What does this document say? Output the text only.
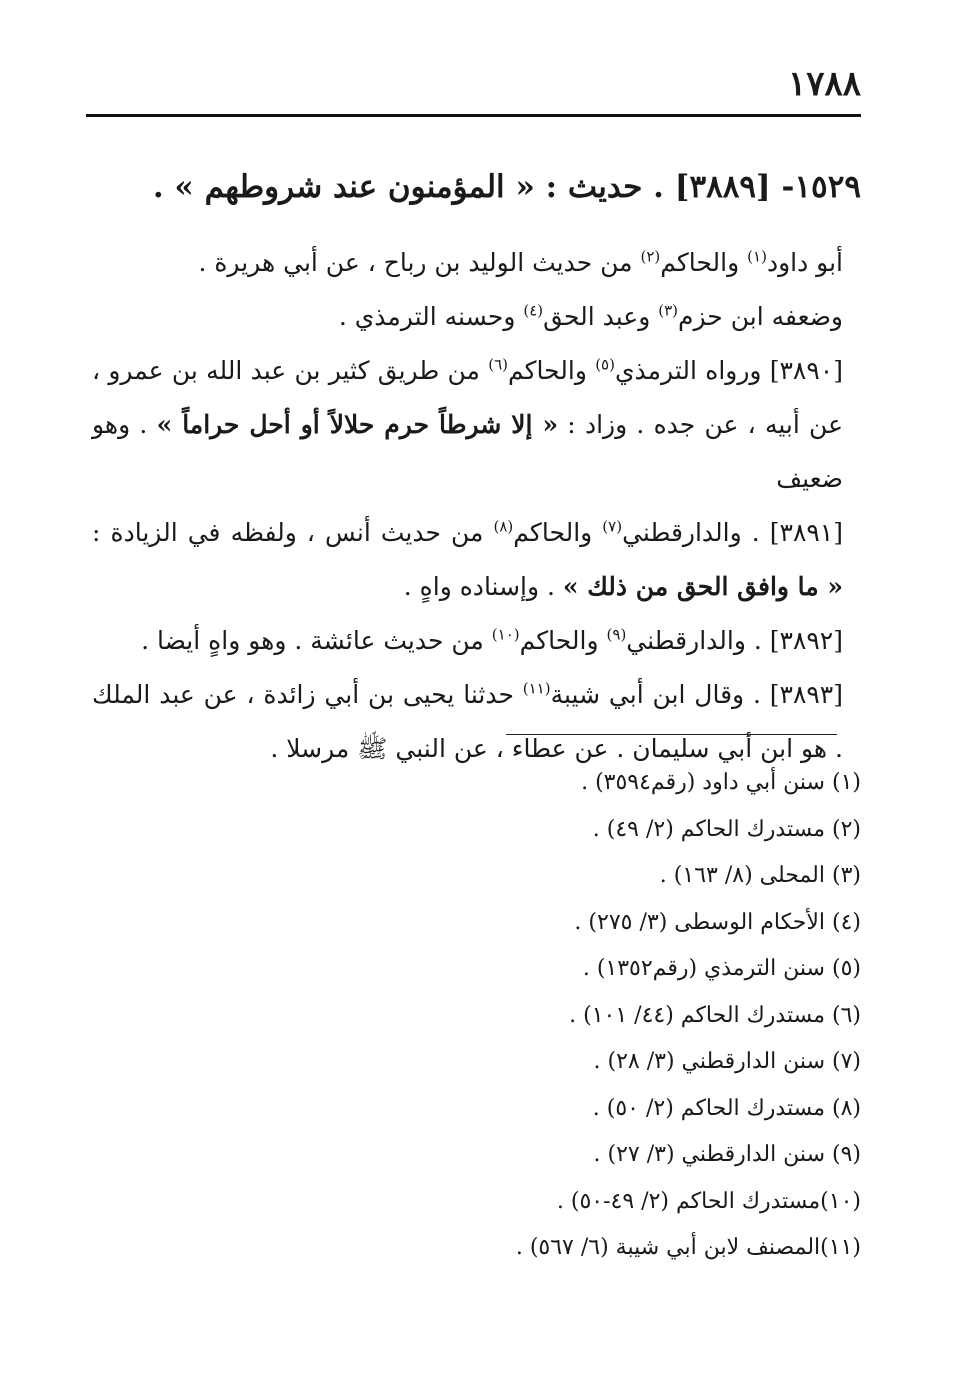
١٧٨٨
١٥٢٩- [٣٨٨٩] . حديث : « المؤمنون عند شروطهم » .

أبو داود$^{(١)}$ والحاكم$^{(٢)}$ من حديث الوليد بن رباح ، عن أبي هريرة .

وضعفه ابن حزم$^{(٣)}$ وعبد الحق$^{(٤)}$ وحسنه الترمذي .

[٣٨٩٠] ورواه الترمذي$^{(٥)}$ والحاكم$^{(٦)}$ من طريق كثير بن عبد الله بن عمرو ، عن أبيه ، عن جده . وزاد : « إلا شرطاً حرم حلالاً أو أحل حراماً » . وهو ضعيف

[٣٨٩١] . والدارقطني$^{(٧)}$ والحاكم$^{(٨)}$ من حديث أنس ، ولفظه في الزيادة : « ما وافق الحق من ذلك » . وإسناده واهٍ .

[٣٨٩٢] . والدارقطني$^{(٩)}$ والحاكم$^{(١٠)}$ من حديث عائشة . وهو واهٍ أيضا .

[٣٨٩٣] . وقال ابن أبي شيبة$^{(١١)}$ حدثنا يحيى بن أبي زائدة ، عن عبد الملك . هو ابن أبي سليمان . عن عطاء ، عن النبي ﷺ مرسلا .

(١) سنن أبي داود (رقم٣٥٩٤) .
(٢) مستدرك الحاكم (٢/ ٤٩) .
(٣) المحلى (٨/ ١٦٣) .
(٤) الأحكام الوسطى (٣/ ٢٧٥) .
(٥) سنن الترمذي (رقم١٣٥٢) .
(٦) مستدرك الحاكم (٤٤/ ١٠١) .
(٧) سنن الدارقطني (٣/ ٢٨) .
(٨) مستدرك الحاكم (٢/ ٥٠) .
(٩) سنن الدارقطني (٣/ ٢٧) .
(١٠)مستدرك الحاكم (٢/ ٤٩-٥٠) .
(١١)المصنف لابن أبي شيبة (٦/ ٥٦٧) .
